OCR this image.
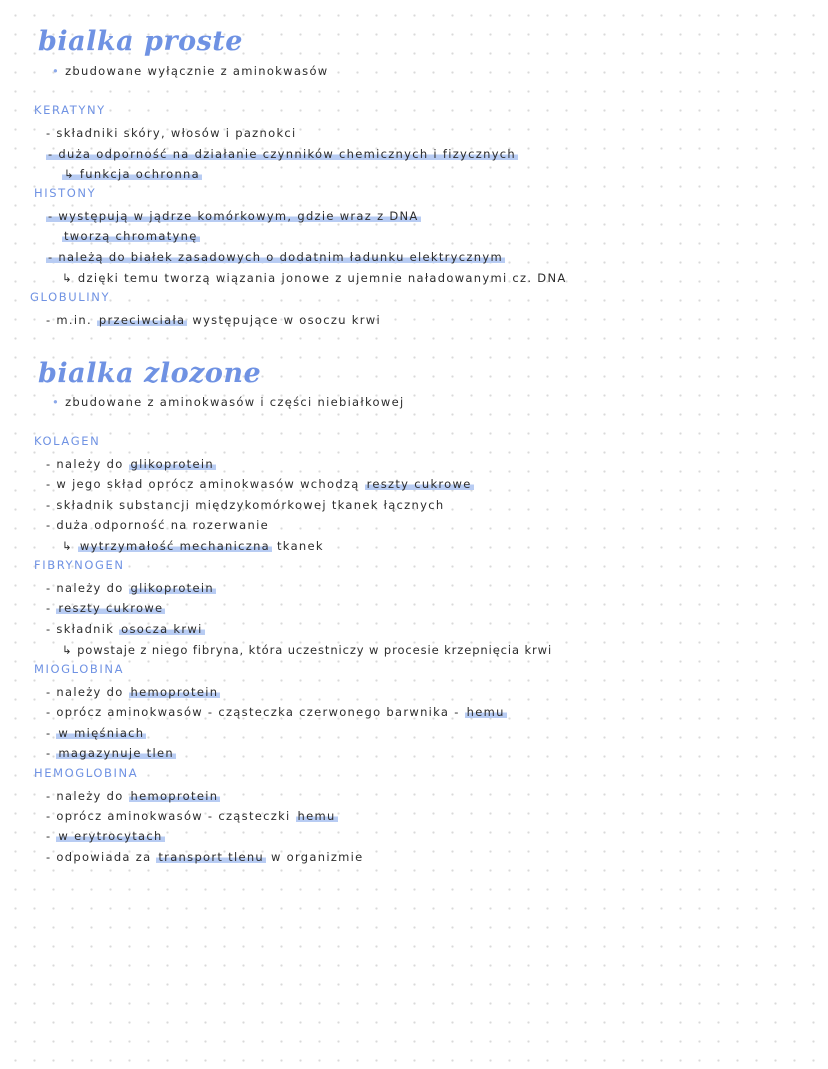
bialka proste
• zbudowane wyłącznie z aminokwasów
KERATYNY
- składniki skóry, włosów i paznokci
- duża odporność na działanie czynników chemicznych i fizycznych
↳ funkcja ochronna
HISTONY
- występują w jądrze komórkowym, gdzie wraz z DNA
tworzą chromatynę
- należą do białek zasadowych o dodatnim ładunku elektrycznym
↳ dzięki temu tworzą wiązania jonowe z ujemnie naładowanymi cz. DNA
GLOBULINY
- m.in. przeciwciała występujące w osoczu krwi
bialka zlozone
• zbudowane z aminokwasów i części niebiałkowej
KOLAGEN
- należy do glikoprotein
- w jego skład oprócz aminokwasów wchodzą reszty cukrowe
- składnik substancji międzykomórkowej tkanek łącznych
- duża odporność na rozerwanie
↳ wytrzymałość mechaniczna tkanek
FIBRYNOGEN
- należy do glikoprotein
- reszty cukrowe
- składnik osocza krwi
↳ powstaje z niego fibryna, która uczestniczy w procesie krzepnięcia krwi
MIOGLOBINA
- należy do hemoprotein
- oprócz aminokwasów - cząsteczka czerwonego barwnika - hemu
- w mięśniach
- magazynuje tlen
HEMOGLOBINA
- należy do hemoprotein
- oprócz aminokwasów - cząsteczki hemu
- w erytrocytach
- odpowiada za transport tlenu w organizmie
